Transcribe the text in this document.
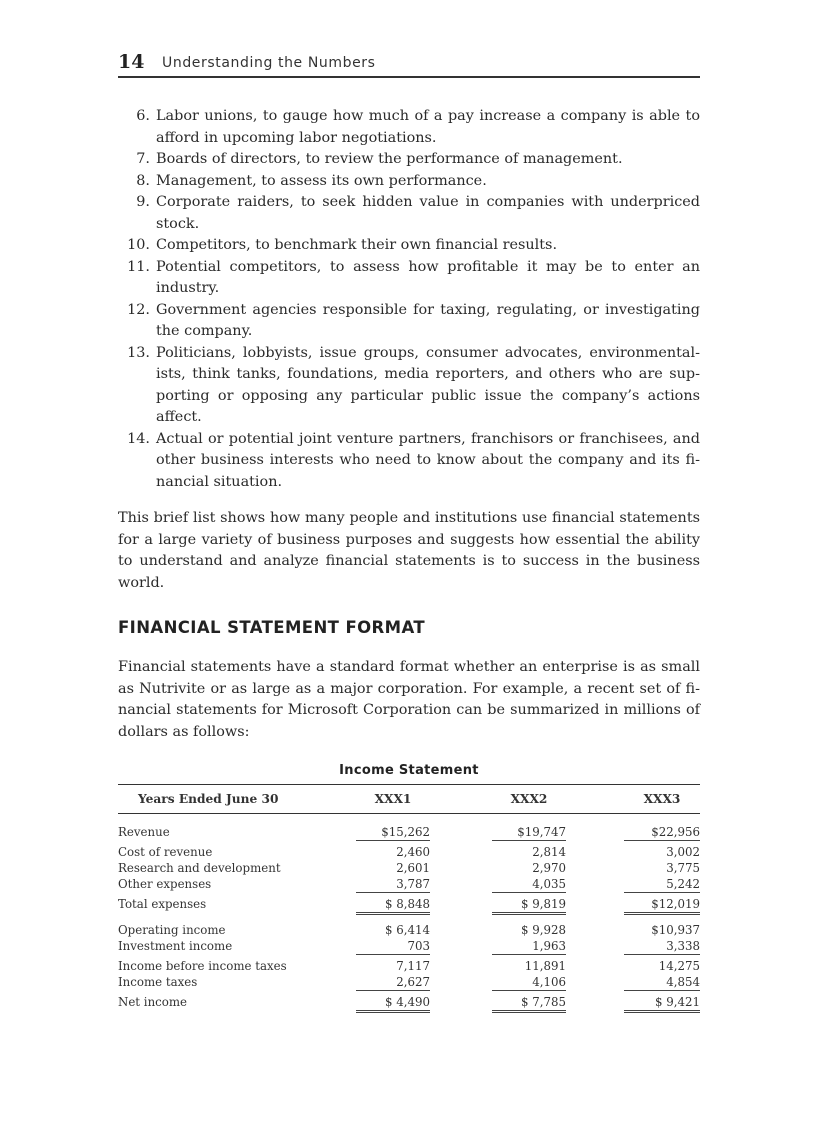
14 Understanding the Numbers
6. Labor unions, to gauge how much of a pay increase a company is able to afford in upcoming labor negotiations.
7. Boards of directors, to review the performance of management.
8. Management, to assess its own performance.
9. Corporate raiders, to seek hidden value in companies with underpriced stock.
10. Competitors, to benchmark their own financial results.
11. Potential competitors, to assess how profitable it may be to enter an industry.
12. Government agencies responsible for taxing, regulating, or investigating the company.
13. Politicians, lobbyists, issue groups, consumer advocates, environmentalists, think tanks, foundations, media reporters, and others who are supporting or opposing any particular public issue the company’s actions affect.
14. Actual or potential joint venture partners, franchisors or franchisees, and other business interests who need to know about the company and its financial situation.

This brief list shows how many people and institutions use financial statements for a large variety of business purposes and suggests how essential the ability to understand and analyze financial statements is to success in the business world.

FINANCIAL STATEMENT FORMAT

Financial statements have a standard format whether an enterprise is as small as Nutrivite or as large as a major corporation. For example, a recent set of financial statements for Microsoft Corporation can be summarized in millions of dollars as follows:

Income Statement
Years Ended June 30	XXX1	XXX2	XXX3
Revenue	$15,262	$19,747	$22,956
Cost of revenue	2,460	2,814	3,002
Research and development	2,601	2,970	3,775
Other expenses	3,787	4,035	5,242
Total expenses	$ 8,848	$ 9,819	$12,019
Operating income	$ 6,414	$ 9,928	$10,937
Investment income	703	1,963	3,338
Income before income taxes	7,117	11,891	14,275
Income taxes	2,627	4,106	4,854
Net income	$ 4,490	$ 7,785	$ 9,421
